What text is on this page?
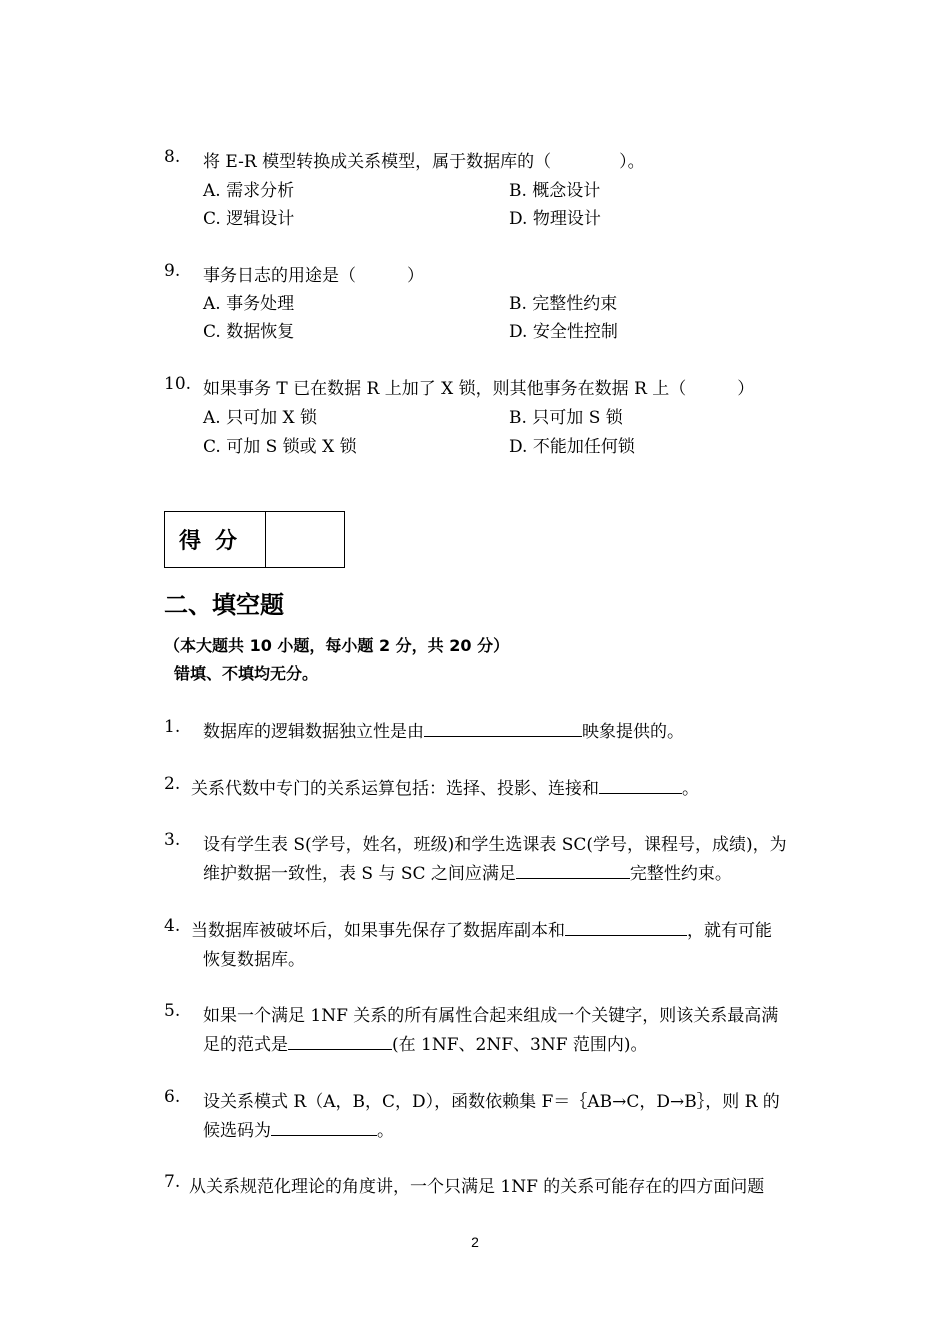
8. 将 E-R 模型转换成关系模型，属于数据库的（　　　　）。
A. 需求分析	B. 概念设计
C. 逻辑设计	D. 物理设计
9. 事务日志的用途是（　　　）
A. 事务处理	B. 完整性约束
C. 数据恢复	D. 安全性控制
10. 如果事务 T 已在数据 R 上加了 X 锁，则其他事务在数据 R 上（　　　）
A. 只可加 X 锁	B. 只可加 S 锁
C. 可加 S 锁或 X 锁	D. 不能加任何锁
得分
二、填空题
（本大题共 10 小题，每小题 2 分，共 20 分）
错填、不填均无分。
1. 数据库的逻辑数据独立性是由	映象提供的。
2. 关系代数中专门的关系运算包括：选择、投影、连接和	。
3. 设有学生表 S(学号，姓名，班级)和学生选课表 SC(学号，课程号，成绩)，为
维护数据一致性，表 S 与 SC 之间应满足	完整性约束。
4. 当数据库被破坏后，如果事先保存了数据库副本和	，就有可能
恢复数据库。
5. 如果一个满足 1NF 关系的所有属性合起来组成一个关键字，则该关系最高满
足的范式是	(在 1NF、2NF、3NF 范围内)。
6. 设关系模式 R（A，B，C，D），函数依赖集 F＝｛AB→C，D→B｝，则 R 的
候选码为	。
7. 从关系规范化理论的角度讲，一个只满足 1NF 的关系可能存在的四方面问题
2
